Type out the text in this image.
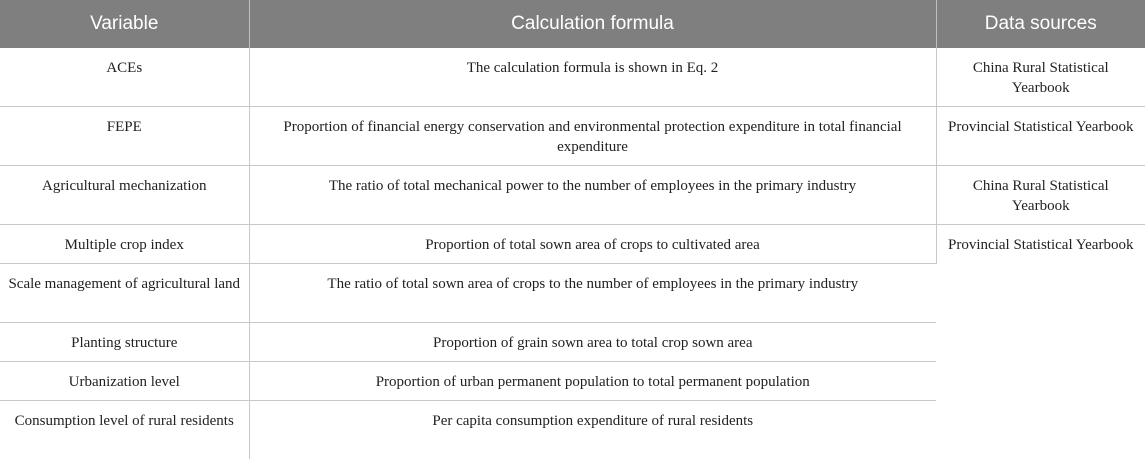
Variable	Calculation formula	Data sources
ACEs	The calculation formula is shown in Eq. 2	China Rural Statistical Yearbook
FEPE	Proportion of financial energy conservation and environmental protection expenditure in total financial expenditure	Provincial Statistical Yearbook
Agricultural mechanization	The ratio of total mechanical power to the number of employees in the primary industry	China Rural Statistical Yearbook
Multiple crop index	Proportion of total sown area of crops to cultivated area	Provincial Statistical Yearbook
Scale management of agricultural land	The ratio of total sown area of crops to the number of employees in the primary industry	
Planting structure	Proportion of grain sown area to total crop sown area	
Urbanization level	Proportion of urban permanent population to total permanent population	
Consumption level of rural residents	Per capita consumption expenditure of rural residents	
